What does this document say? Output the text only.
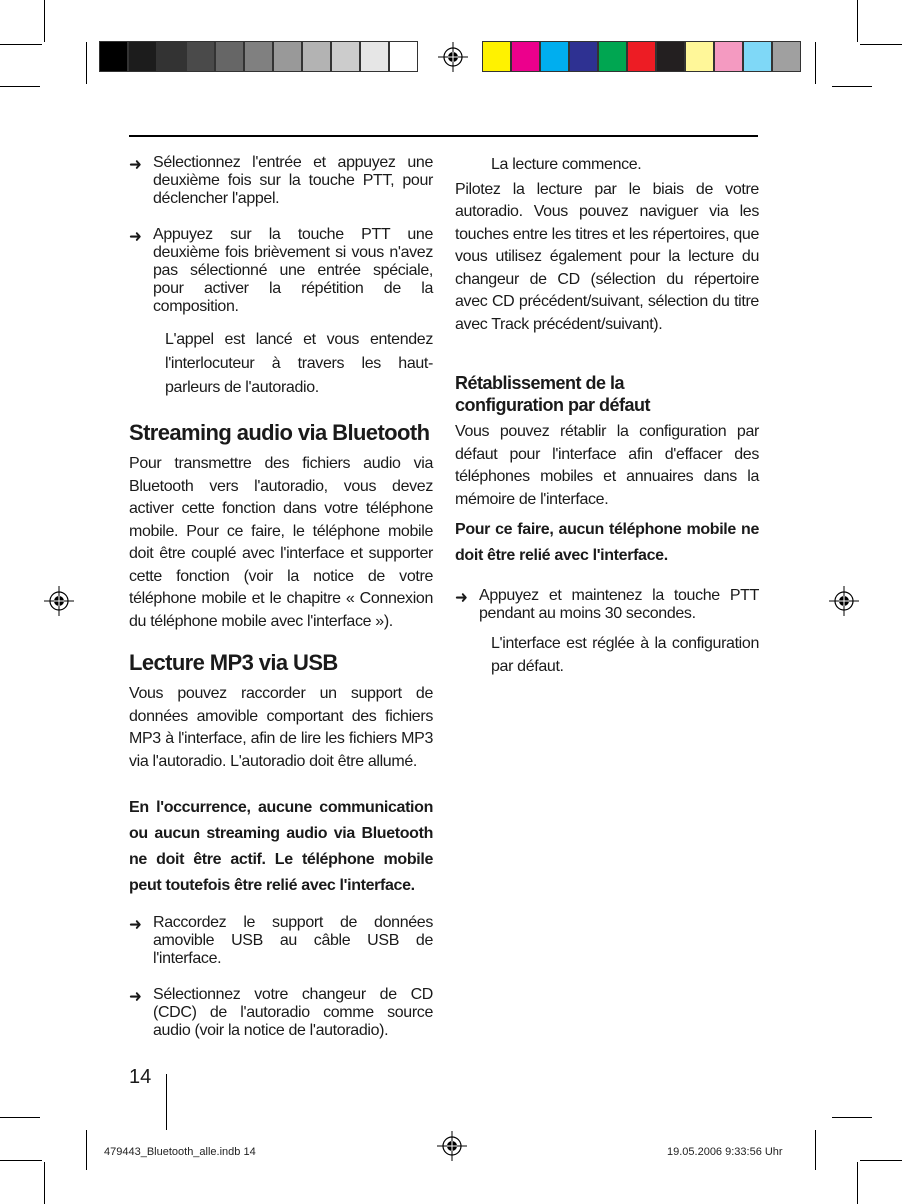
➜ Sélectionnez l'entrée et appuyez une deuxième fois sur la touche PTT, pour déclencher l'appel.

➜ Appuyez sur la touche PTT une deuxième fois brièvement si vous n'avez pas sélectionné une entrée spéciale, pour activer la répétition de la composition.

L'appel est lancé et vous entendez l'interlocuteur à travers les haut-parleurs de l'autoradio.

Streaming audio via Bluetooth

Pour transmettre des fichiers audio via Bluetooth vers l'autoradio, vous devez activer cette fonction dans votre téléphone mobile. Pour ce faire, le téléphone mobile doit être couplé avec l'interface et supporter cette fonction (voir la notice de votre téléphone mobile et le chapitre « Connexion du téléphone mobile avec l'interface »).

Lecture MP3 via USB

Vous pouvez raccorder un support de données amovible comportant des fichiers MP3 à l'interface, afin de lire les fichiers MP3 via l'autoradio. L'autoradio doit être allumé.

En l'occurrence, aucune communication ou aucun streaming audio via Bluetooth ne doit être actif. Le téléphone mobile peut toutefois être relié avec l'interface.

➜ Raccordez le support de données amovible USB au câble USB de l'interface.

➜ Sélectionnez votre changeur de CD (CDC) de l'autoradio comme source audio (voir la notice de l'autoradio).

La lecture commence.

Pilotez la lecture par le biais de votre autoradio. Vous pouvez naviguer via les touches entre les titres et les répertoires, que vous utilisez également pour la lecture du changeur de CD (sélection du répertoire avec CD précédent/suivant, sélection du titre avec Track précédent/suivant).

Rétablissement de la
configuration par défaut

Vous pouvez rétablir la configuration par défaut pour l'interface afin d'effacer des téléphones mobiles et annuaires dans la mémoire de l'interface.

Pour ce faire, aucun téléphone mobile ne doit être relié avec l'interface.

➜ Appuyez et maintenez la touche PTT pendant au moins 30 secondes.

L'interface est réglée à la configuration par défaut.

14
479443_Bluetooth_alle.indb 14	19.05.2006 9:33:56 Uhr
